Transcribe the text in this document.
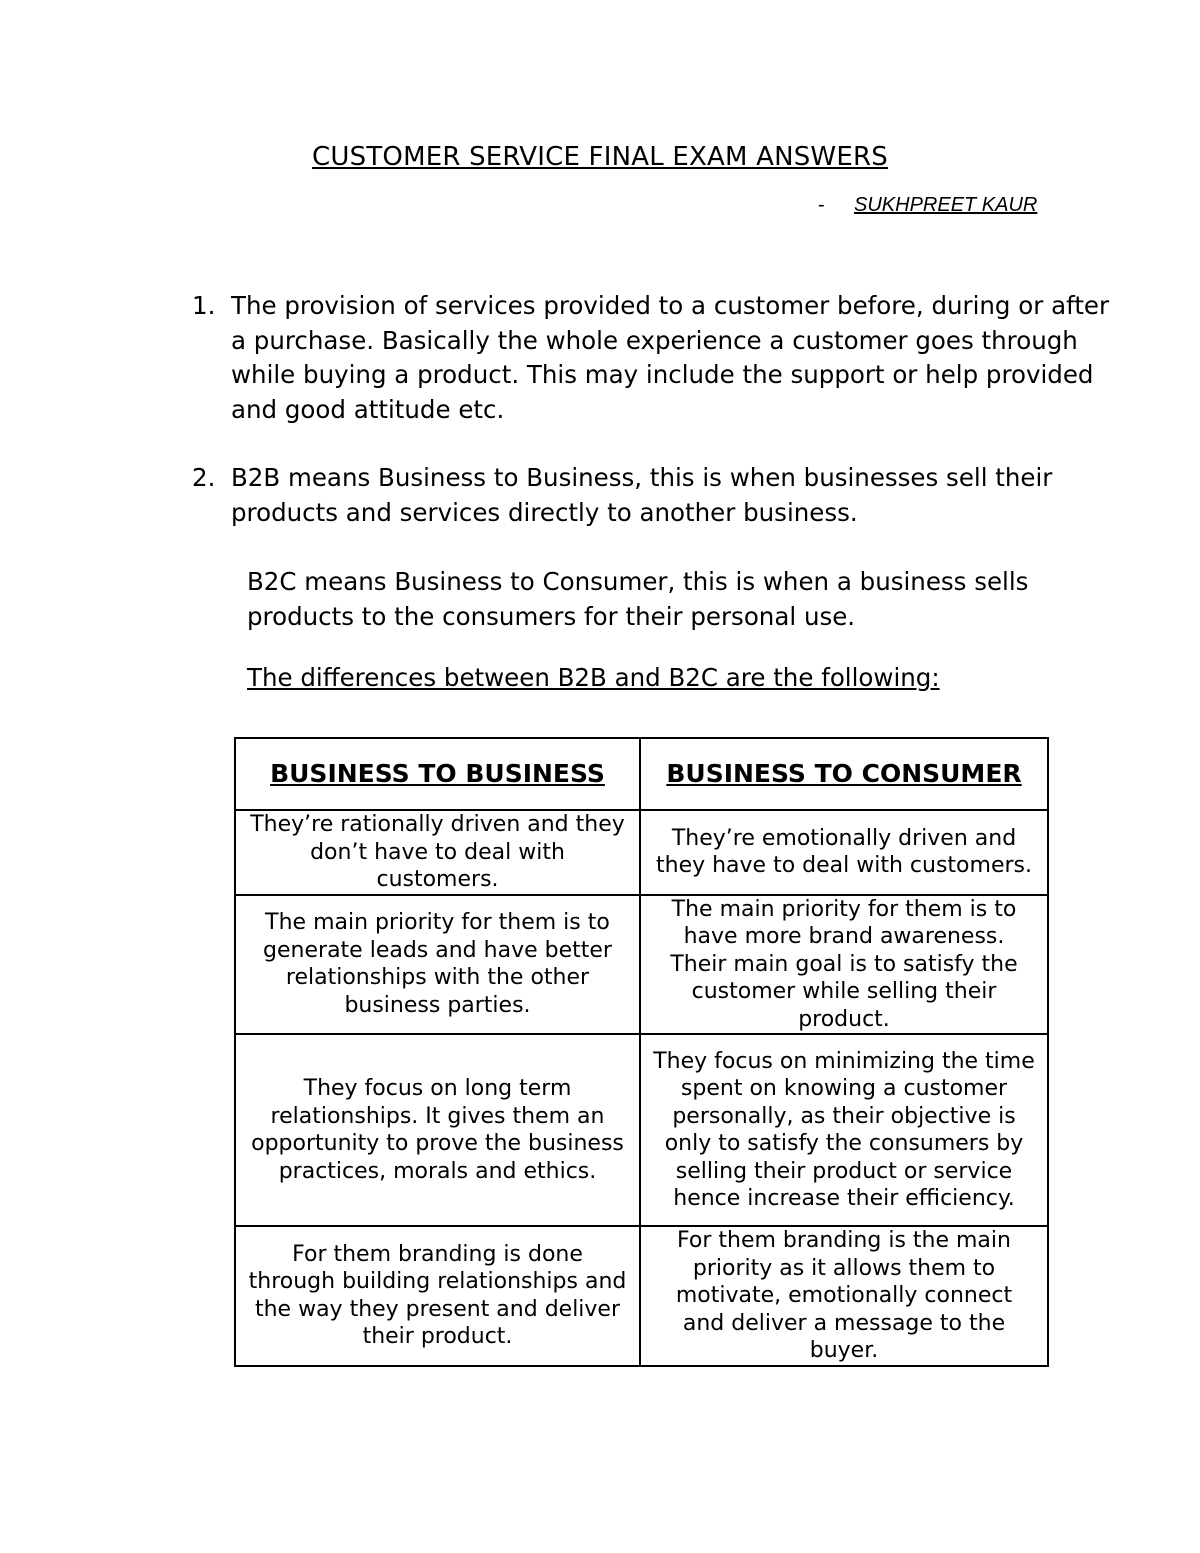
CUSTOMER SERVICE FINAL EXAM ANSWERS
- SUKHPREET KAUR
1. The provision of services provided to a customer before, during or after a purchase. Basically the whole experience a customer goes through while buying a product. This may include the support or help provided and good attitude etc.
2. B2B means Business to Business, this is when businesses sell their products and services directly to another business.
B2C means Business to Consumer, this is when a business sells products to the consumers for their personal use.
The differences between B2B and B2C are the following:
BUSINESS TO BUSINESS	BUSINESS TO CONSUMER
They’re rationally driven and they don’t have to deal with customers.	They’re emotionally driven and they have to deal with customers.
The main priority for them is to generate leads and have better relationships with the other business parties.	The main priority for them is to have more brand awareness. Their main goal is to satisfy the customer while selling their product.
They focus on long term relationships. It gives them an opportunity to prove the business practices, morals and ethics.	They focus on minimizing the time spent on knowing a customer personally, as their objective is only to satisfy the consumers by selling their product or service hence increase their efficiency.
For them branding is done through building relationships and the way they present and deliver their product.	For them branding is the main priority as it allows them to motivate, emotionally connect and deliver a message to the buyer.
